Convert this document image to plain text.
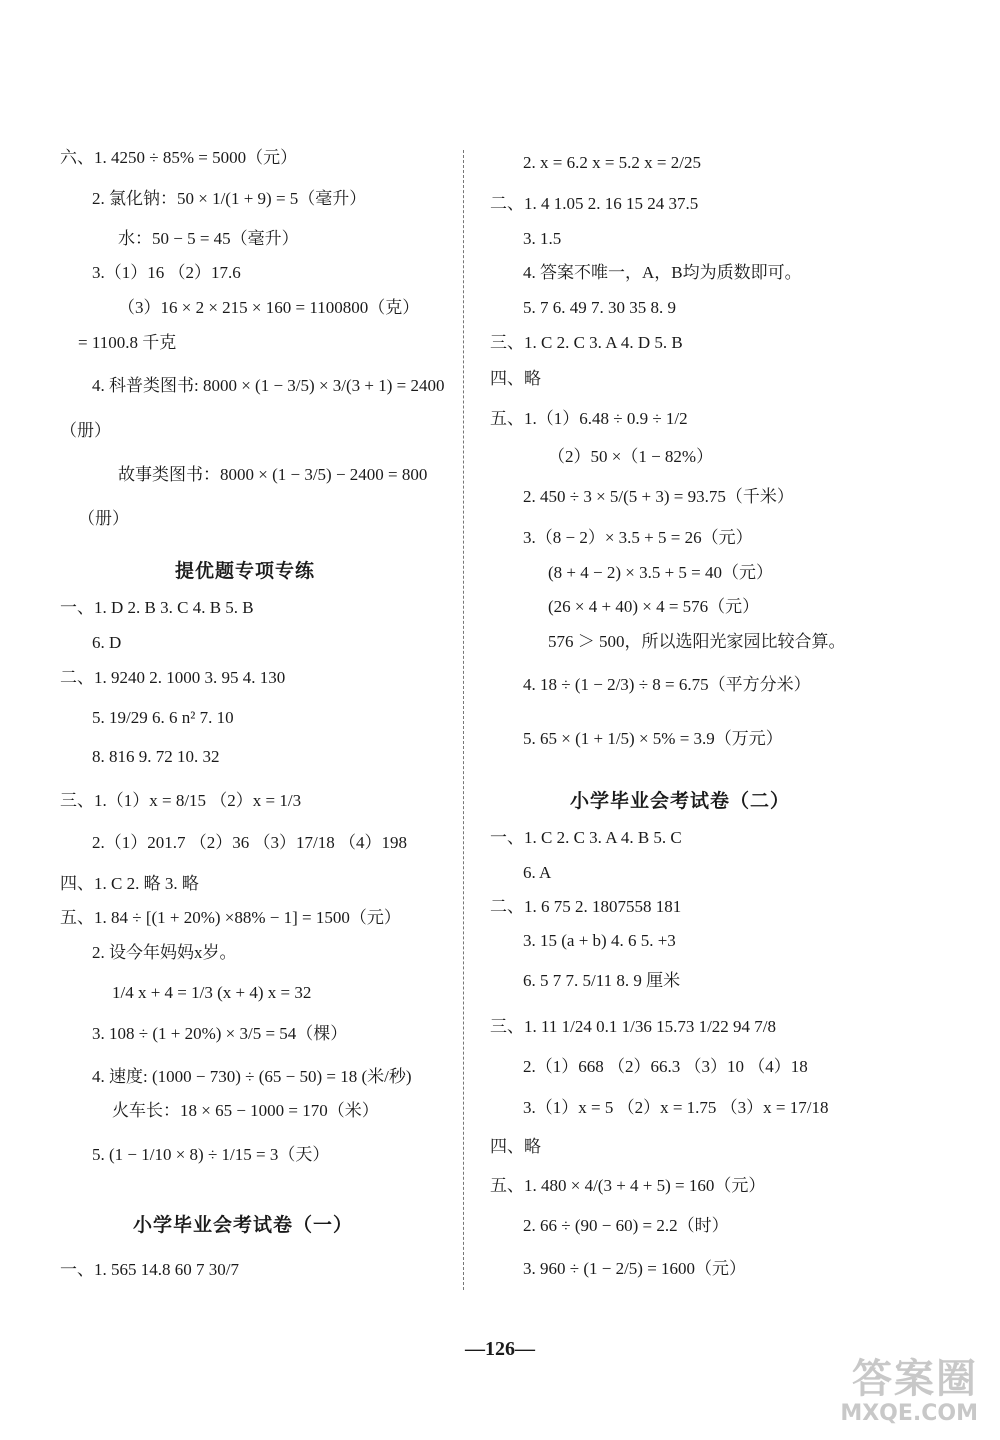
六、1. 4250 ÷ 85% = 5000（元）
2. 氯化钠：50 × 1/(1 + 9) = 5（毫升）
水：50 − 5 = 45（毫升）
3.（1）16 （2）17.6
（3）16 × 2 × 215 × 160 = 1100800（克）
= 1100.8 千克
4. 科普类图书: 8000 × (1 − 3/5) × 3/(3 + 1) = 2400
（册）
故事类图书：8000 × (1 − 3/5) − 2400 = 800
（册）
提优题专项专练
一、1. D 2. B 3. C 4. B 5. B
6. D
二、1. 9240 2. 1000 3. 95 4. 130
5. 19/29 6. 6 n² 7. 10
8. 816 9. 72 10. 32
三、1.（1）x = 8/15 （2）x = 1/3
2.（1）201.7 （2）36 （3）17/18 （4）198
四、1. C 2. 略 3. 略
五、1. 84 ÷ [(1 + 20%) ×88% − 1] = 1500（元）
2. 设今年妈妈x岁。
1/4 x + 4 = 1/3 (x + 4) x = 32
3. 108 ÷ (1 + 20%) × 3/5 = 54（棵）
4. 速度: (1000 − 730) ÷ (65 − 50) = 18 (米/秒)
火车长：18 × 65 − 1000 = 170（米）
5. (1 − 1/10 × 8) ÷ 1/15 = 3（天）
小学毕业会考试卷（一）
一、1. 565 14.8 60 7 30/7
2. x = 6.2 x = 5.2 x = 2/25
二、1. 4 1.05 2. 16 15 24 37.5
3. 1.5
4. 答案不唯一，A，B均为质数即可。
5. 7 6. 49 7. 30 35 8. 9
三、1. C 2. C 3. A 4. D 5. B
四、略
五、1.（1）6.48 ÷ 0.9 ÷ 1/2
（2）50 ×（1 − 82%）
2. 450 ÷ 3 × 5/(5 + 3) = 93.75（千米）
3.（8 − 2）× 3.5 + 5 = 26（元）
(8 + 4 − 2) × 3.5 + 5 = 40（元）
(26 × 4 + 40) × 4 = 576（元）
576 ＞ 500，所以选阳光家园比较合算。
4. 18 ÷ (1 − 2/3) ÷ 8 = 6.75（平方分米）
5. 65 × (1 + 1/5) × 5% = 3.9（万元）
小学毕业会考试卷（二）
一、1. C 2. C 3. A 4. B 5. C
6. A
二、1. 6 75 2. 1807558 181
3. 15 (a + b) 4. 6 5. +3
6. 5 7 7. 5/11 8. 9 厘米
三、1. 11 1/24 0.1 1/36 15.73 1/22 94 7/8
2.（1）668 （2）66.3 （3）10 （4）18
3.（1）x = 5 （2）x = 1.75 （3）x = 17/18
四、略
五、1. 480 × 4/(3 + 4 + 5) = 160（元）
2. 66 ÷ (90 − 60) = 2.2（时）
3. 960 ÷ (1 − 2/5) = 1600（元）
—126—
答案圈
MXQE.COM
